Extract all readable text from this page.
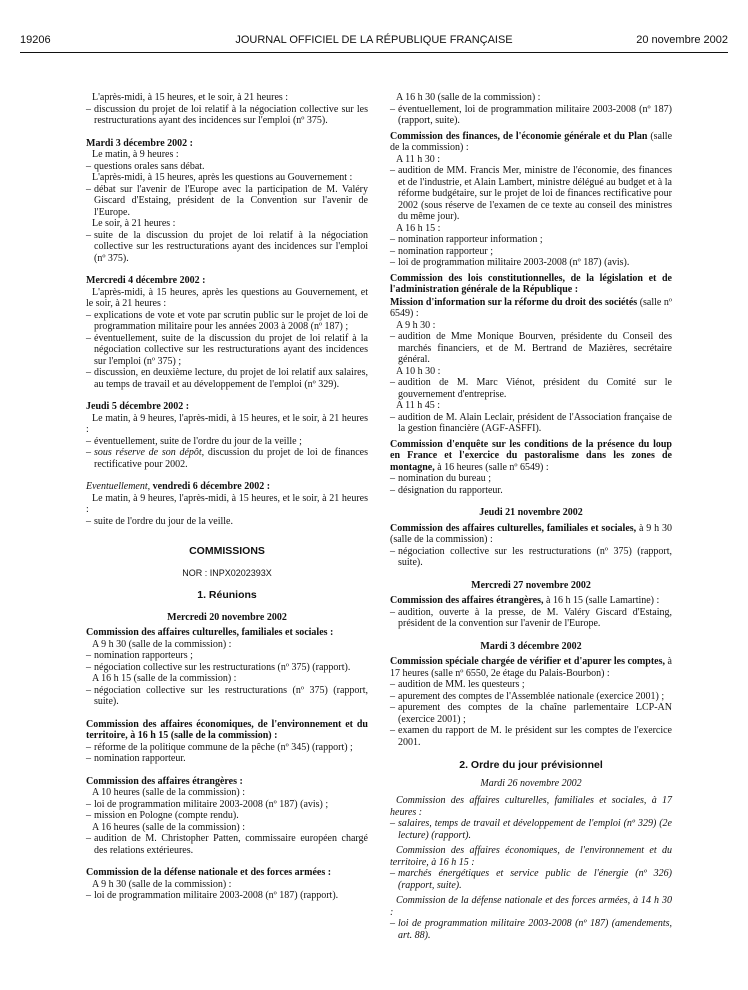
19206	JOURNAL OFFICIEL DE LA RÉPUBLIQUE FRANÇAISE	20 novembre 2002

L'après-midi, à 15 heures, et le soir, à 21 heures :

– discussion du projet de loi relatif à la négociation collective sur les restructurations ayant des incidences sur l'emploi (nº 375).

Mardi 3 décembre 2002 :

Le matin, à 9 heures :

– questions orales sans débat.

L'après-midi, à 15 heures, après les questions au Gouvernement :

– débat sur l'avenir de l'Europe avec la participation de M. Valéry Giscard d'Estaing, président de la Convention sur l'avenir de l'Europe.

Le soir, à 21 heures :

– suite de la discussion du projet de loi relatif à la négociation collective sur les restructurations ayant des incidences sur l'emploi (nº 375).

Mercredi 4 décembre 2002 :

L'après-midi, à 15 heures, après les questions au Gouvernement, et le soir, à 21 heures :

– explications de vote et vote par scrutin public sur le projet de loi de programmation militaire pour les années 2003 à 2008 (nº 187) ;
– éventuellement, suite de la discussion du projet de loi relatif à la négociation collective sur les restructurations ayant des incidences sur l'emploi (nº 375) ;
– discussion, en deuxième lecture, du projet de loi relatif aux salaires, au temps de travail et au développement de l'emploi (nº 329).

Jeudi 5 décembre 2002 :

Le matin, à 9 heures, l'après-midi, à 15 heures, et le soir, à 21 heures :

– éventuellement, suite de l'ordre du jour de la veille ;
– sous réserve de son dépôt, discussion du projet de loi de finances rectificative pour 2002.

Eventuellement, vendredi 6 décembre 2002 :

Le matin, à 9 heures, l'après-midi, à 15 heures, et le soir, à 21 heures :

– suite de l'ordre du jour de la veille.

COMMISSIONS

NOR : INPX0202393X

1. Réunions

Mercredi 20 novembre 2002

Commission des affaires culturelles, familiales et sociales :

A 9 h 30 (salle de la commission) :

– nomination rapporteurs ;
– négociation collective sur les restructurations (nº 375) (rapport).

A 16 h 15 (salle de la commission) :

– négociation collective sur les restructurations (nº 375) (rapport, suite).

Commission des affaires économiques, de l'environnement et du territoire, à 16 h 15 (salle de la commission) :

– réforme de la politique commune de la pêche (nº 345) (rapport) ;
– nomination rapporteur.

Commission des affaires étrangères :

A 10 heures (salle de la commission) :

– loi de programmation militaire 2003-2008 (nº 187) (avis) ;
– mission en Pologne (compte rendu).

A 16 heures (salle de la commission) :

– audition de M. Christopher Patten, commissaire européen chargé des relations extérieures.

Commission de la défense nationale et des forces armées :

A 9 h 30 (salle de la commission) :

– loi de programmation militaire 2003-2008 (nº 187) (rapport).

A 16 h 30 (salle de la commission) :

– éventuellement, loi de programmation militaire 2003-2008 (nº 187) (rapport, suite).

Commission des finances, de l'économie générale et du Plan (salle de la commission) :

A 11 h 30 :

– audition de MM. Francis Mer, ministre de l'économie, des finances et de l'industrie, et Alain Lambert, ministre délégué au budget et à la réforme budgétaire, sur le projet de loi de finances rectificative pour 2002 (sous réserve de l'examen de ce texte au conseil des ministres du même jour).

A 16 h 15 :

– nomination rapporteur information ;
– nomination rapporteur ;
– loi de programmation militaire 2003-2008 (nº 187) (avis).

Commission des lois constitutionnelles, de la législation et de l'administration générale de la République :

Mission d'information sur la réforme du droit des sociétés (salle nº 6549) :

A 9 h 30 :

– audition de Mme Monique Bourven, présidente du Conseil des marchés financiers, et de M. Bertrand de Mazières, secrétaire général.

A 10 h 30 :

– audition de M. Marc Viénot, président du Comité sur le gouvernement d'entreprise.

A 11 h 45 :

– audition de M. Alain Leclair, président de l'Association française de la gestion financière (AGF-ASFFI).

Commission d'enquête sur les conditions de la présence du loup en France et l'exercice du pastoralisme dans les zones de montagne, à 16 heures (salle nº 6549) :

– nomination du bureau ;
– désignation du rapporteur.

Jeudi 21 novembre 2002

Commission des affaires culturelles, familiales et sociales, à 9 h 30 (salle de la commission) :

– négociation collective sur les restructurations (nº 375) (rapport, suite).

Mercredi 27 novembre 2002

Commission des affaires étrangères, à 16 h 15 (salle Lamartine) :

– audition, ouverte à la presse, de M. Valéry Giscard d'Estaing, président de la convention sur l'avenir de l'Europe.

Mardi 3 décembre 2002

Commission spéciale chargée de vérifier et d'apurer les comptes, à 17 heures (salle nº 6550, 2e étage du Palais-Bourbon) :

– audition de MM. les questeurs ;
– apurement des comptes de l'Assemblée nationale (exercice 2001) ;
– apurement des comptes de la chaîne parlementaire LCP-AN (exercice 2001) ;
– examen du rapport de M. le président sur les comptes de l'exercice 2001.

2. Ordre du jour prévisionnel

Mardi 26 novembre 2002

Commission des affaires culturelles, familiales et sociales, à 17 heures :

– salaires, temps de travail et développement de l'emploi (nº 329) (2e lecture) (rapport).

Commission des affaires économiques, de l'environnement et du territoire, à 16 h 15 :

– marchés énergétiques et service public de l'énergie (nº 326) (rapport, suite).

Commission de la défense nationale et des forces armées, à 14 h 30 :

– loi de programmation militaire 2003-2008 (nº 187) (amendements, art. 88).
